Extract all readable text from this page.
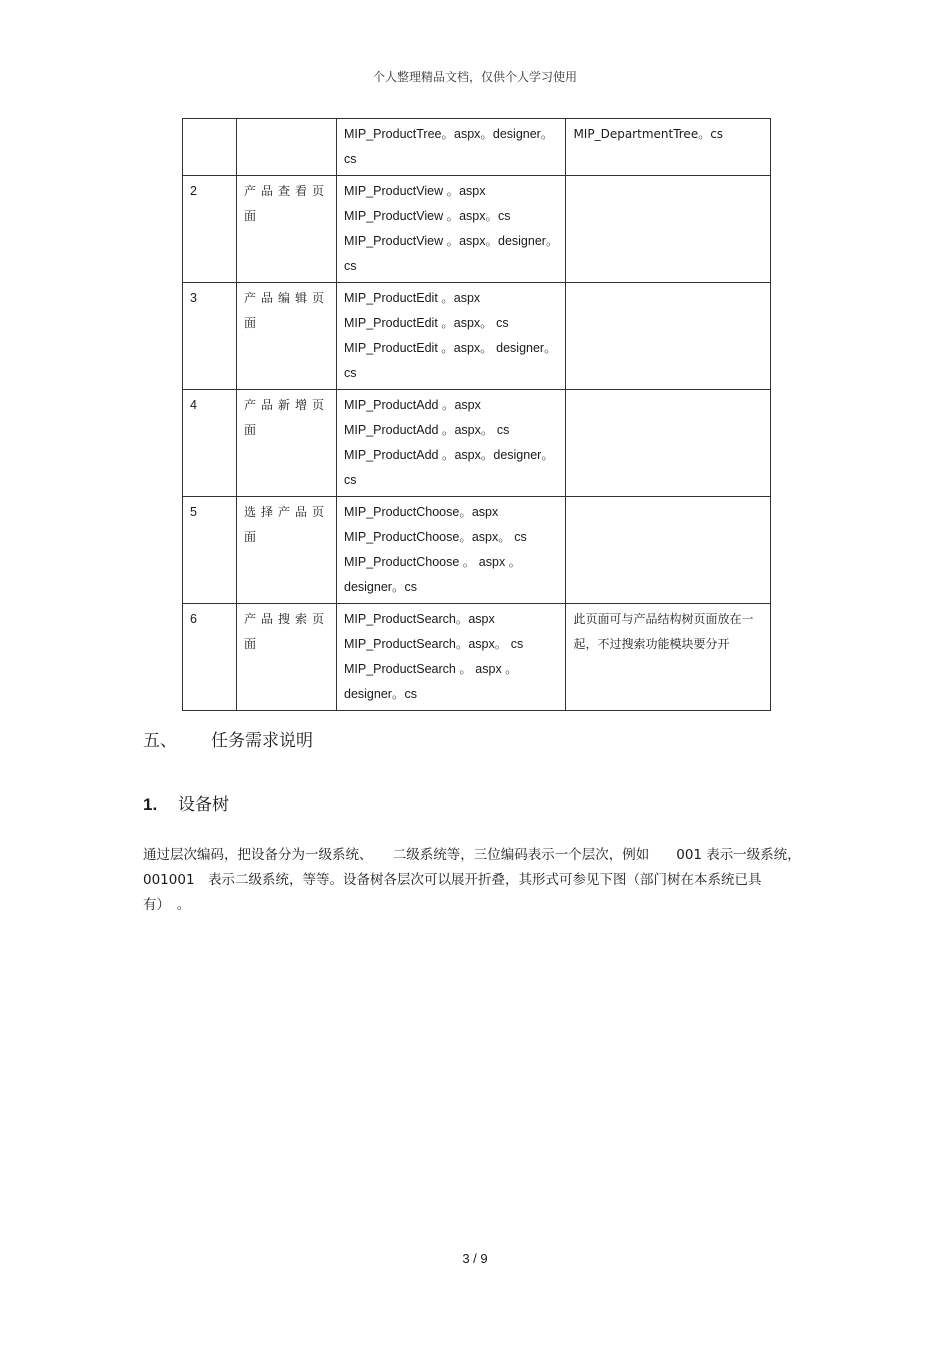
个人整理精品文档，仅供个人学习使用

		MIP_ProductTree。aspx。designer。
cs	MIP_DepartmentTree。cs
2	产品查看页面	MIP_ProductView 。aspx
MIP_ProductView 。aspx。cs
MIP_ProductView 。aspx。designer。
cs	

3	产品编辑页面	MIP_ProductEdit 。aspx
MIP_ProductEdit 。aspx。 cs
MIP_ProductEdit 。aspx。 designer。
cs	

4	产品新增页面	MIP_ProductAdd 。aspx
MIP_ProductAdd 。aspx。 cs
MIP_ProductAdd 。aspx。designer。
cs	

5	选择产品页面	MIP_ProductChoose。aspx
MIP_ProductChoose。aspx。 cs
MIP_ProductChoose 。 aspx 。
designer。cs	

6	产品搜索页面	MIP_ProductSearch。aspx
MIP_ProductSearch。aspx。 cs
MIP_ProductSearch 。 aspx 。
designer。cs	此页面可与产品结构树页面放在一起，不过搜索功能模块要分开
五、 任务需求说明
1. 设备树
通过层次编码，把设备分为一级系统、　　二级系统等，三位编码表示一个层次，例如　　001 表示一级系统，　001001　表示二级系统，等等。设备树各层次可以展开折叠，其形式可参见下图（部门树在本系统已具有）　。
3 / 9
